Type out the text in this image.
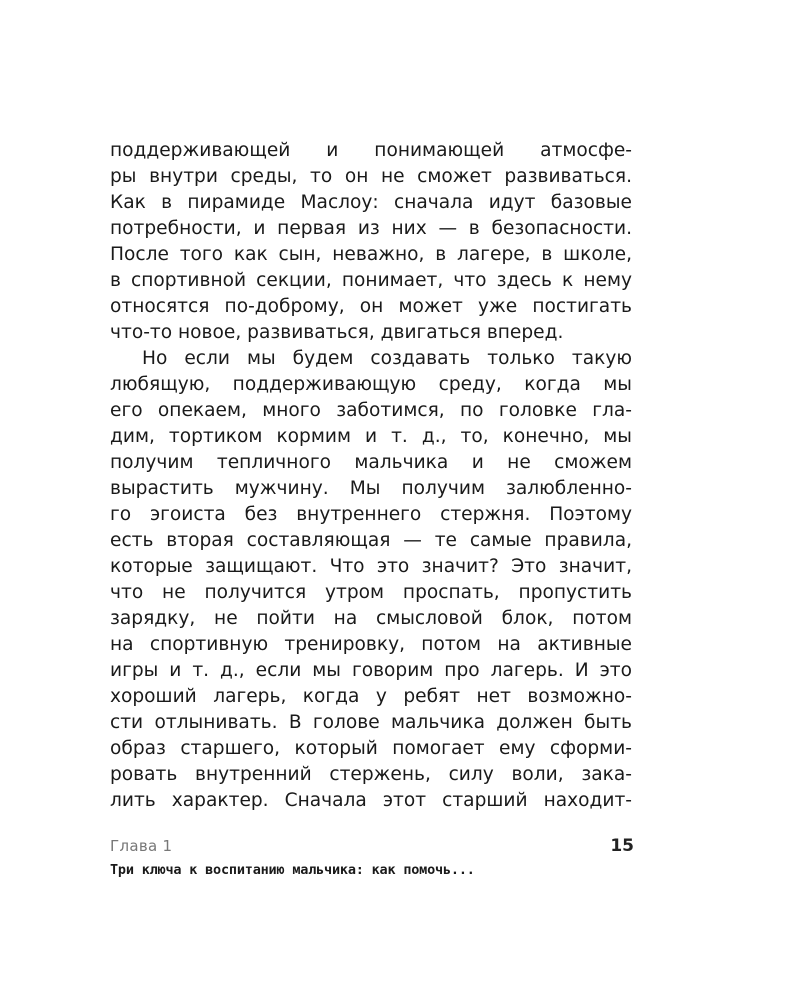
поддерживающей и понимающей атмосфе-
ры внутри среды, то он не сможет развиваться.
Как в пирамиде Маслоу: сначала идут базовые
потребности, и первая из них — в безопасности.
После того как сын, неважно, в лагере, в школе,
в спортивной секции, понимает, что здесь к нему
относятся по-доброму, он может уже постигать
что-то новое, развиваться, двигаться вперед.
Но если мы будем создавать только такую
любящую, поддерживающую среду, когда мы
его опекаем, много заботимся, по головке гла-
дим, тортиком кормим и т. д., то, конечно, мы
получим тепличного мальчика и не сможем
вырастить мужчину. Мы получим залюбленно-
го эгоиста без внутреннего стержня. Поэтому
есть вторая составляющая — те самые правила,
которые защищают. Что это значит? Это значит,
что не получится утром проспать, пропустить
зарядку, не пойти на смысловой блок, потом
на спортивную тренировку, потом на активные
игры и т. д., если мы говорим про лагерь. И это
хороший лагерь, когда у ребят нет возможно-
сти отлынивать. В голове мальчика должен быть
образ старшего, который помогает ему сформи-
ровать внутренний стержень, силу воли, зака-
лить характер. Сначала этот старший находит-
Глава 1	15
Три ключа к воспитанию мальчика: как помочь...
